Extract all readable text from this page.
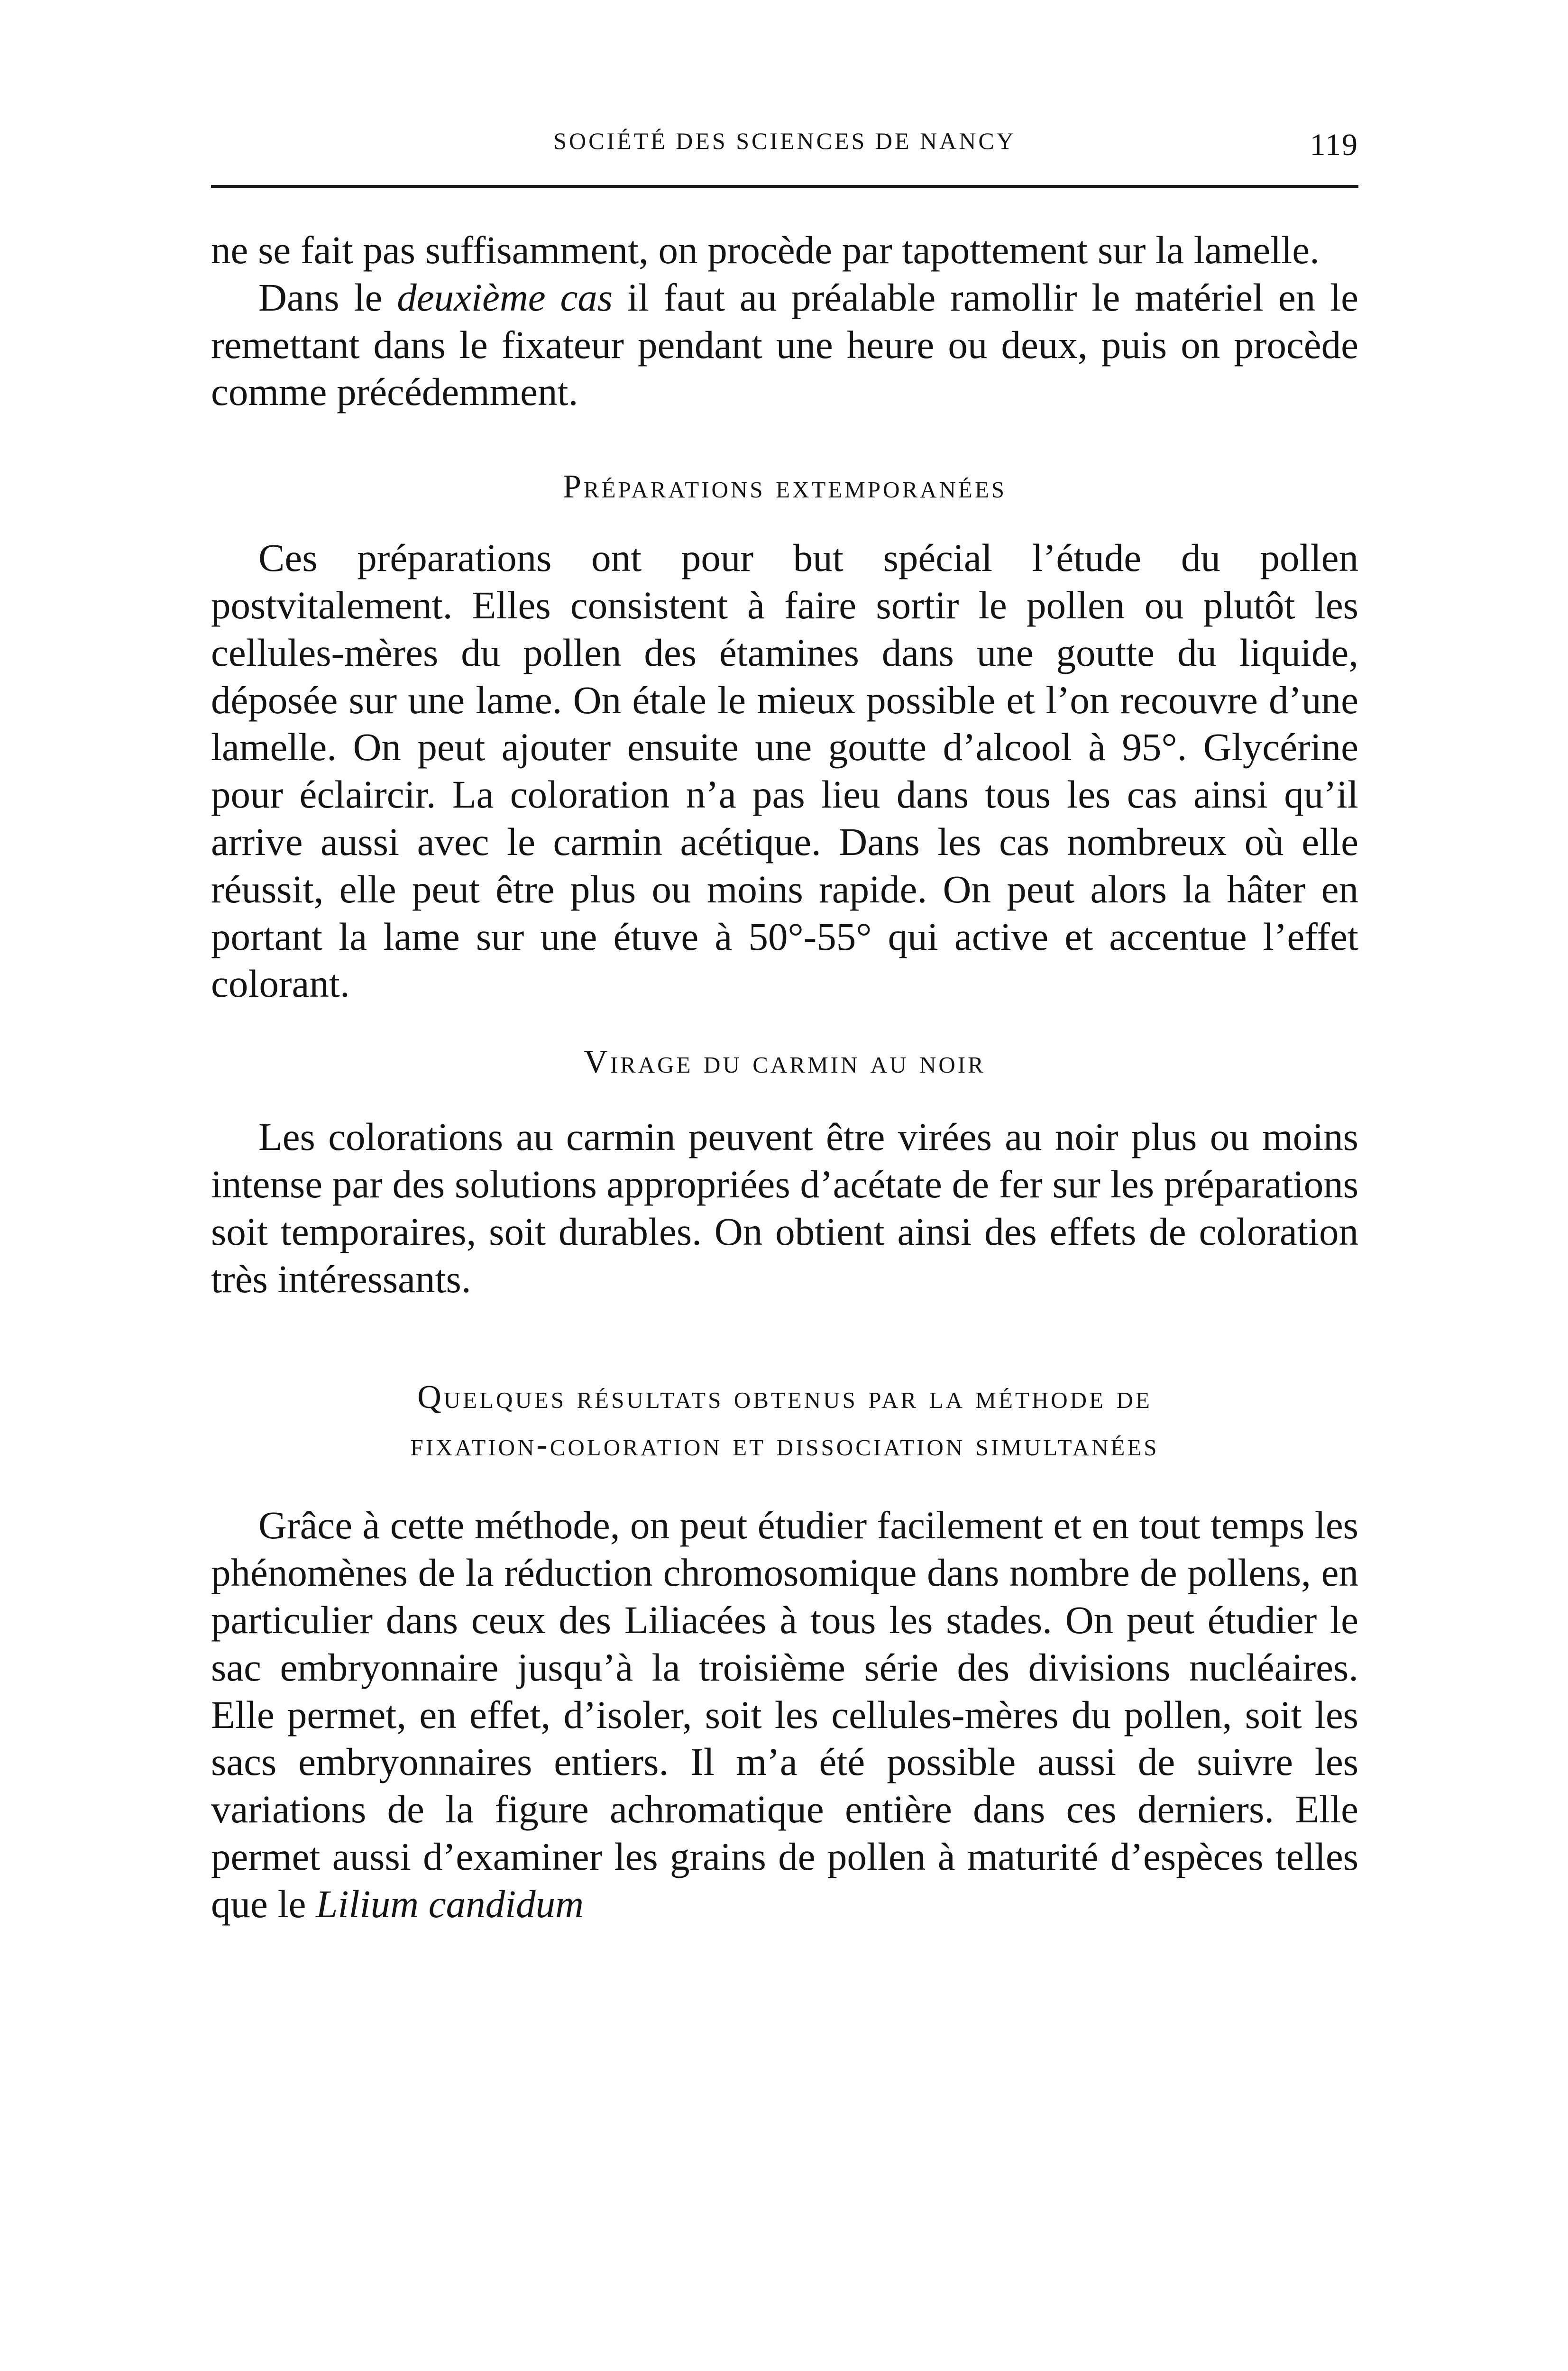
SOCIÉTÉ DES SCIENCES DE NANCY	119

ne se fait pas suffisamment, on procède par tapottement sur la lamelle.

Dans le deuxième cas il faut au préalable ramollir le matériel en le remettant dans le fixateur pendant une heure ou deux, puis on procède comme précédemment.

Préparations extemporanées

Ces préparations ont pour but spécial l’étude du pollen postvitalement. Elles consistent à faire sortir le pollen ou plutôt les cellules-mères du pollen des étamines dans une goutte du liquide, déposée sur une lame. On étale le mieux possible et l’on recouvre d’une lamelle. On peut ajouter ensuite une goutte d’alcool à 95°. Glycérine pour éclaircir. La coloration n’a pas lieu dans tous les cas ainsi qu’il arrive aussi avec le carmin acétique. Dans les cas nombreux où elle réussit, elle peut être plus ou moins rapide. On peut alors la hâter en portant la lame sur une étuve à 50°-55° qui active et accentue l’effet colorant.

Virage du carmin au noir

Les colorations au carmin peuvent être virées au noir plus ou moins intense par des solutions appropriées d’acétate de fer sur les préparations soit temporaires, soit durables. On obtient ainsi des effets de coloration très intéressants.

Quelques résultats obtenus par la méthode de
fixation-coloration et dissociation simultanées

Grâce à cette méthode, on peut étudier facilement et en tout temps les phénomènes de la réduction chromosomique dans nombre de pollens, en particulier dans ceux des Liliacées à tous les stades. On peut étudier le sac embryonnaire jusqu’à la troisième série des divisions nucléaires. Elle permet, en effet, d’isoler, soit les cellules-mères du pollen, soit les sacs embryonnaires entiers. Il m’a été possible aussi de suivre les variations de la figure achromatique entière dans ces derniers. Elle permet aussi d’examiner les grains de pollen à maturité d’espèces telles que le Lilium candidum
